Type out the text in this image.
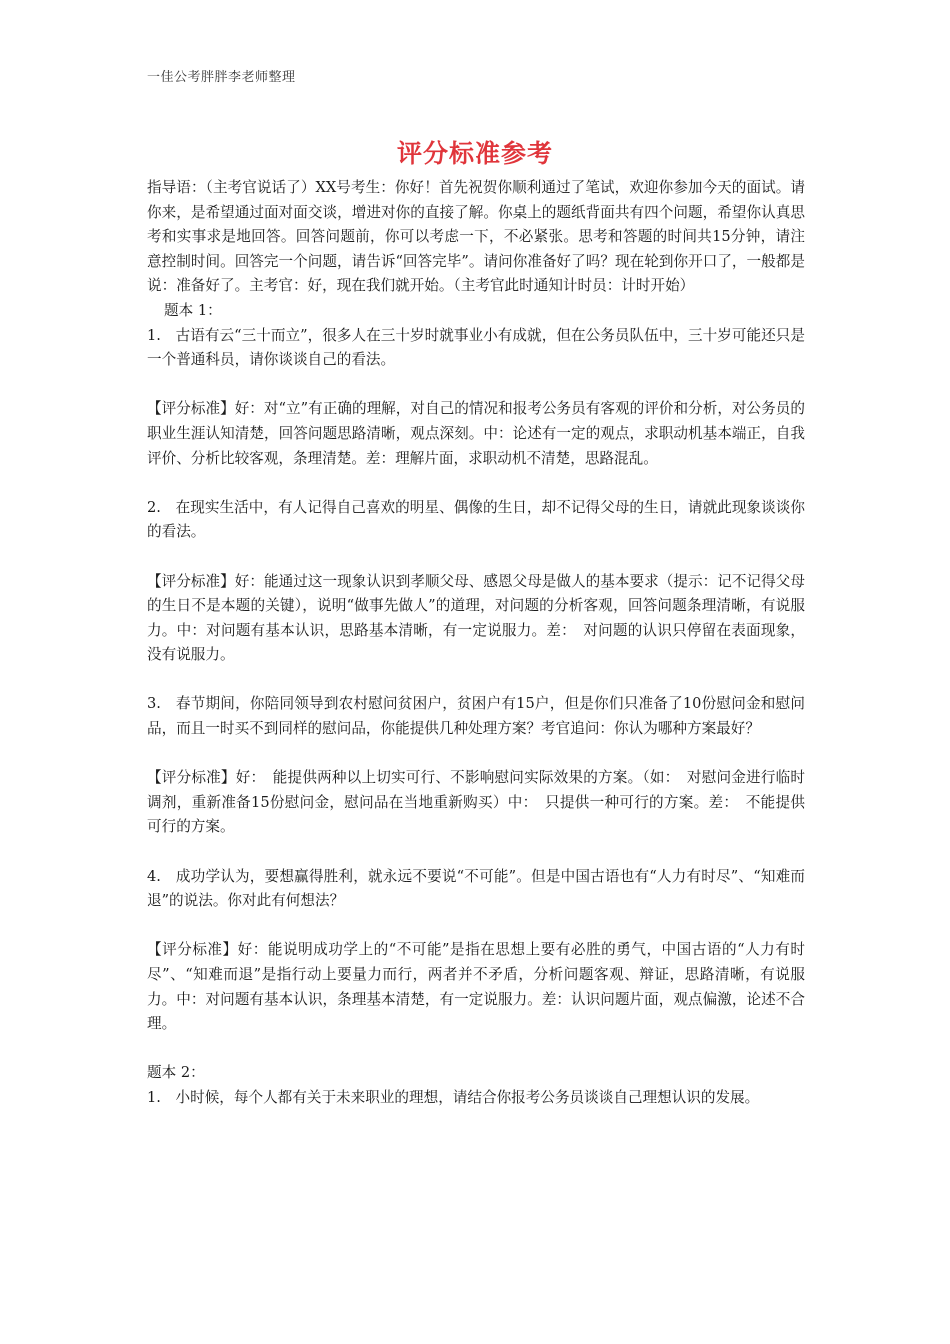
一佳公考胖胖李老师整理
评分标准参考

指导语：（主考官说话了）XX号考生：你好！首先祝贺你顺利通过了笔试，欢迎你参加今天的面试。请你来，是希望通过面对面交谈，增进对你的直接了解。你桌上的题纸背面共有四个问题，希望你认真思考和实事求是地回答。回答问题前，你可以考虑一下，不必紧张。思考和答题的时间共15分钟，请注意控制时间。回答完一个问题，请告诉“回答完毕”。请问你准备好了吗？现在轮到你开口了，一般都是说：准备好了。主考官：好，现在我们就开始。（主考官此时通知计时员：计时开始）

题本 1：

1.　古语有云“三十而立”，很多人在三十岁时就事业小有成就，但在公务员队伍中，三十岁可能还只是一个普通科员，请你谈谈自己的看法。

【评分标准】好：对“立”有正确的理解，对自己的情况和报考公务员有客观的评价和分析，对公务员的职业生涯认知清楚，回答问题思路清晰，观点深刻。中：论述有一定的观点，求职动机基本端正，自我评价、分析比较客观，条理清楚。差：理解片面，求职动机不清楚，思路混乱。

2.　在现实生活中，有人记得自己喜欢的明星、偶像的生日，却不记得父母的生日，请就此现象谈谈你的看法。

【评分标准】好：能通过这一现象认识到孝顺父母、感恩父母是做人的基本要求（提示：记不记得父母的生日不是本题的关键），说明“做事先做人”的道理，对问题的分析客观，回答问题条理清晰，有说服力。中：对问题有基本认识，思路基本清晰，有一定说服力。差：　对问题的认识只停留在表面现象，没有说服力。

3.　春节期间，你陪同领导到农村慰问贫困户，贫困户有15户，但是你们只准备了10份慰问金和慰问品，而且一时买不到同样的慰问品，你能提供几种处理方案？考官追问：你认为哪种方案最好？

【评分标准】好：　能提供两种以上切实可行、不影响慰问实际效果的方案。（如：　对慰问金进行临时调剂，重新准备15份慰问金，慰问品在当地重新购买）中：　只提供一种可行的方案。差：　不能提供可行的方案。

4.　成功学认为，要想赢得胜利，就永远不要说“不可能”。但是中国古语也有“人力有时尽”、“知难而退”的说法。你对此有何想法？

【评分标准】好：能说明成功学上的“不可能”是指在思想上要有必胜的勇气，中国古语的“人力有时尽”、“知难而退”是指行动上要量力而行，两者并不矛盾，分析问题客观、辩证，思路清晰，有说服力。中：对问题有基本认识，条理基本清楚，有一定说服力。差：认识问题片面，观点偏激，论述不合理。

题本 2：

1.　小时候，每个人都有关于未来职业的理想，请结合你报考公务员谈谈自己理想认识的发展。
